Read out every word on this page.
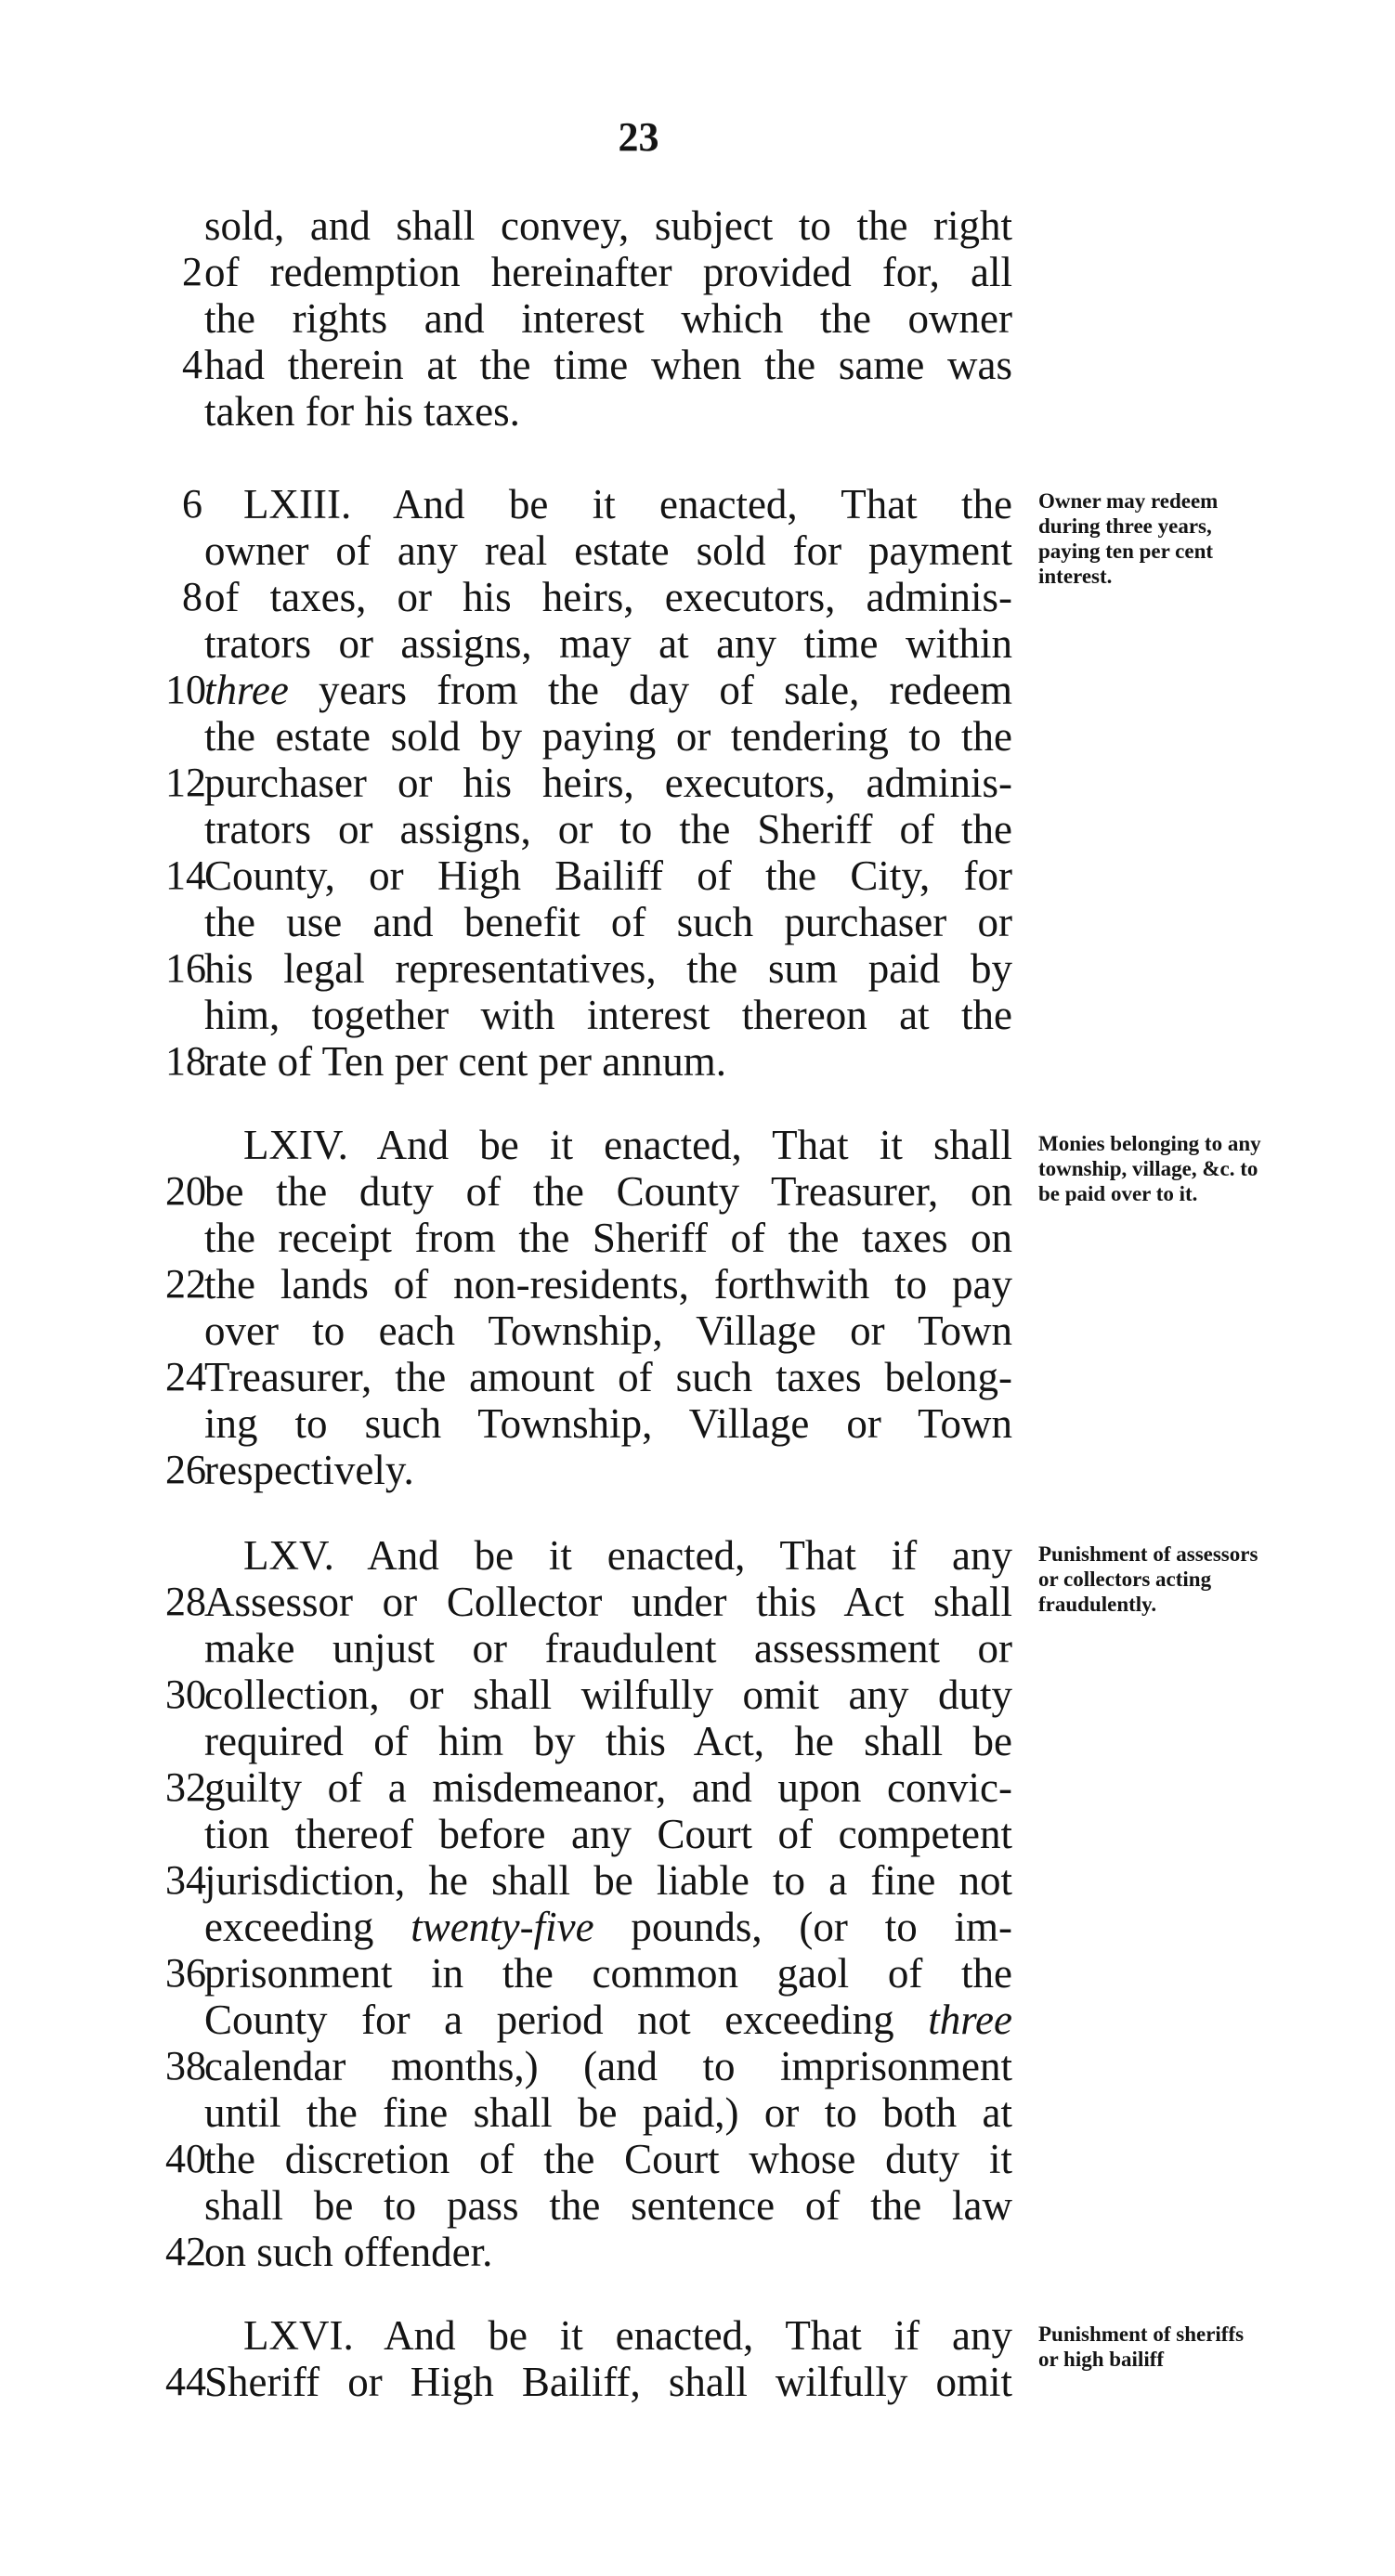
23
sold, and shall convey, subject to the right
2 of redemption hereinafter provided for, all
the rights and interest which the owner
4 had therein at the time when the same was
taken for his taxes.
Owner may redeem during three years, paying ten per cent interest.
6 LXIII. And be it enacted, That the
owner of any real estate sold for payment
8 of taxes, or his heirs, executors, adminis-
trators or assigns, may at any time within
10
three years from the day of sale, redeem
the estate sold by paying or tendering to the
12
purchaser or his heirs, executors, adminis-
trators or assigns, or to the Sheriff of the
14
County, or High Bailiff of the City, for
the use and benefit of such purchaser or
16
his legal representatives, the sum paid by
him, together with interest thereon at the
18
rate of Ten per cent per annum.
Monies belonging to any township, village, &c. to be paid over to it.
LXIV. And be it enacted, That it shall
20
be the duty of the County Treasurer, on
the receipt from the Sheriff of the taxes on
22
the lands of non-residents, forthwith to pay
over to each Township, Village or Town
24
Treasurer, the amount of such taxes belong-
ing to such Township, Village or Town
26
respectively.
Punishment of assessors or collectors acting fraudulently.
LXV. And be it enacted, That if any
28
Assessor or Collector under this Act shall
make unjust or fraudulent assessment or
30
collection, or shall wilfully omit any duty
required of him by this Act, he shall be
32
guilty of a misdemeanor, and upon convic-
tion thereof before any Court of competent
34
jurisdiction, he shall be liable to a fine not
exceeding twenty-five pounds, (or to im-
36
prisonment in the common gaol of the
County for a period not exceeding three
38
calendar months,) (and to imprisonment
until the fine shall be paid,) or to both at
40
the discretion of the Court whose duty it
shall be to pass the sentence of the law
42
on such offender.
Punishment of sheriffs or high bailiff
LXVI. And be it enacted, That if any
44
Sheriff or High Bailiff, shall wilfully omit
